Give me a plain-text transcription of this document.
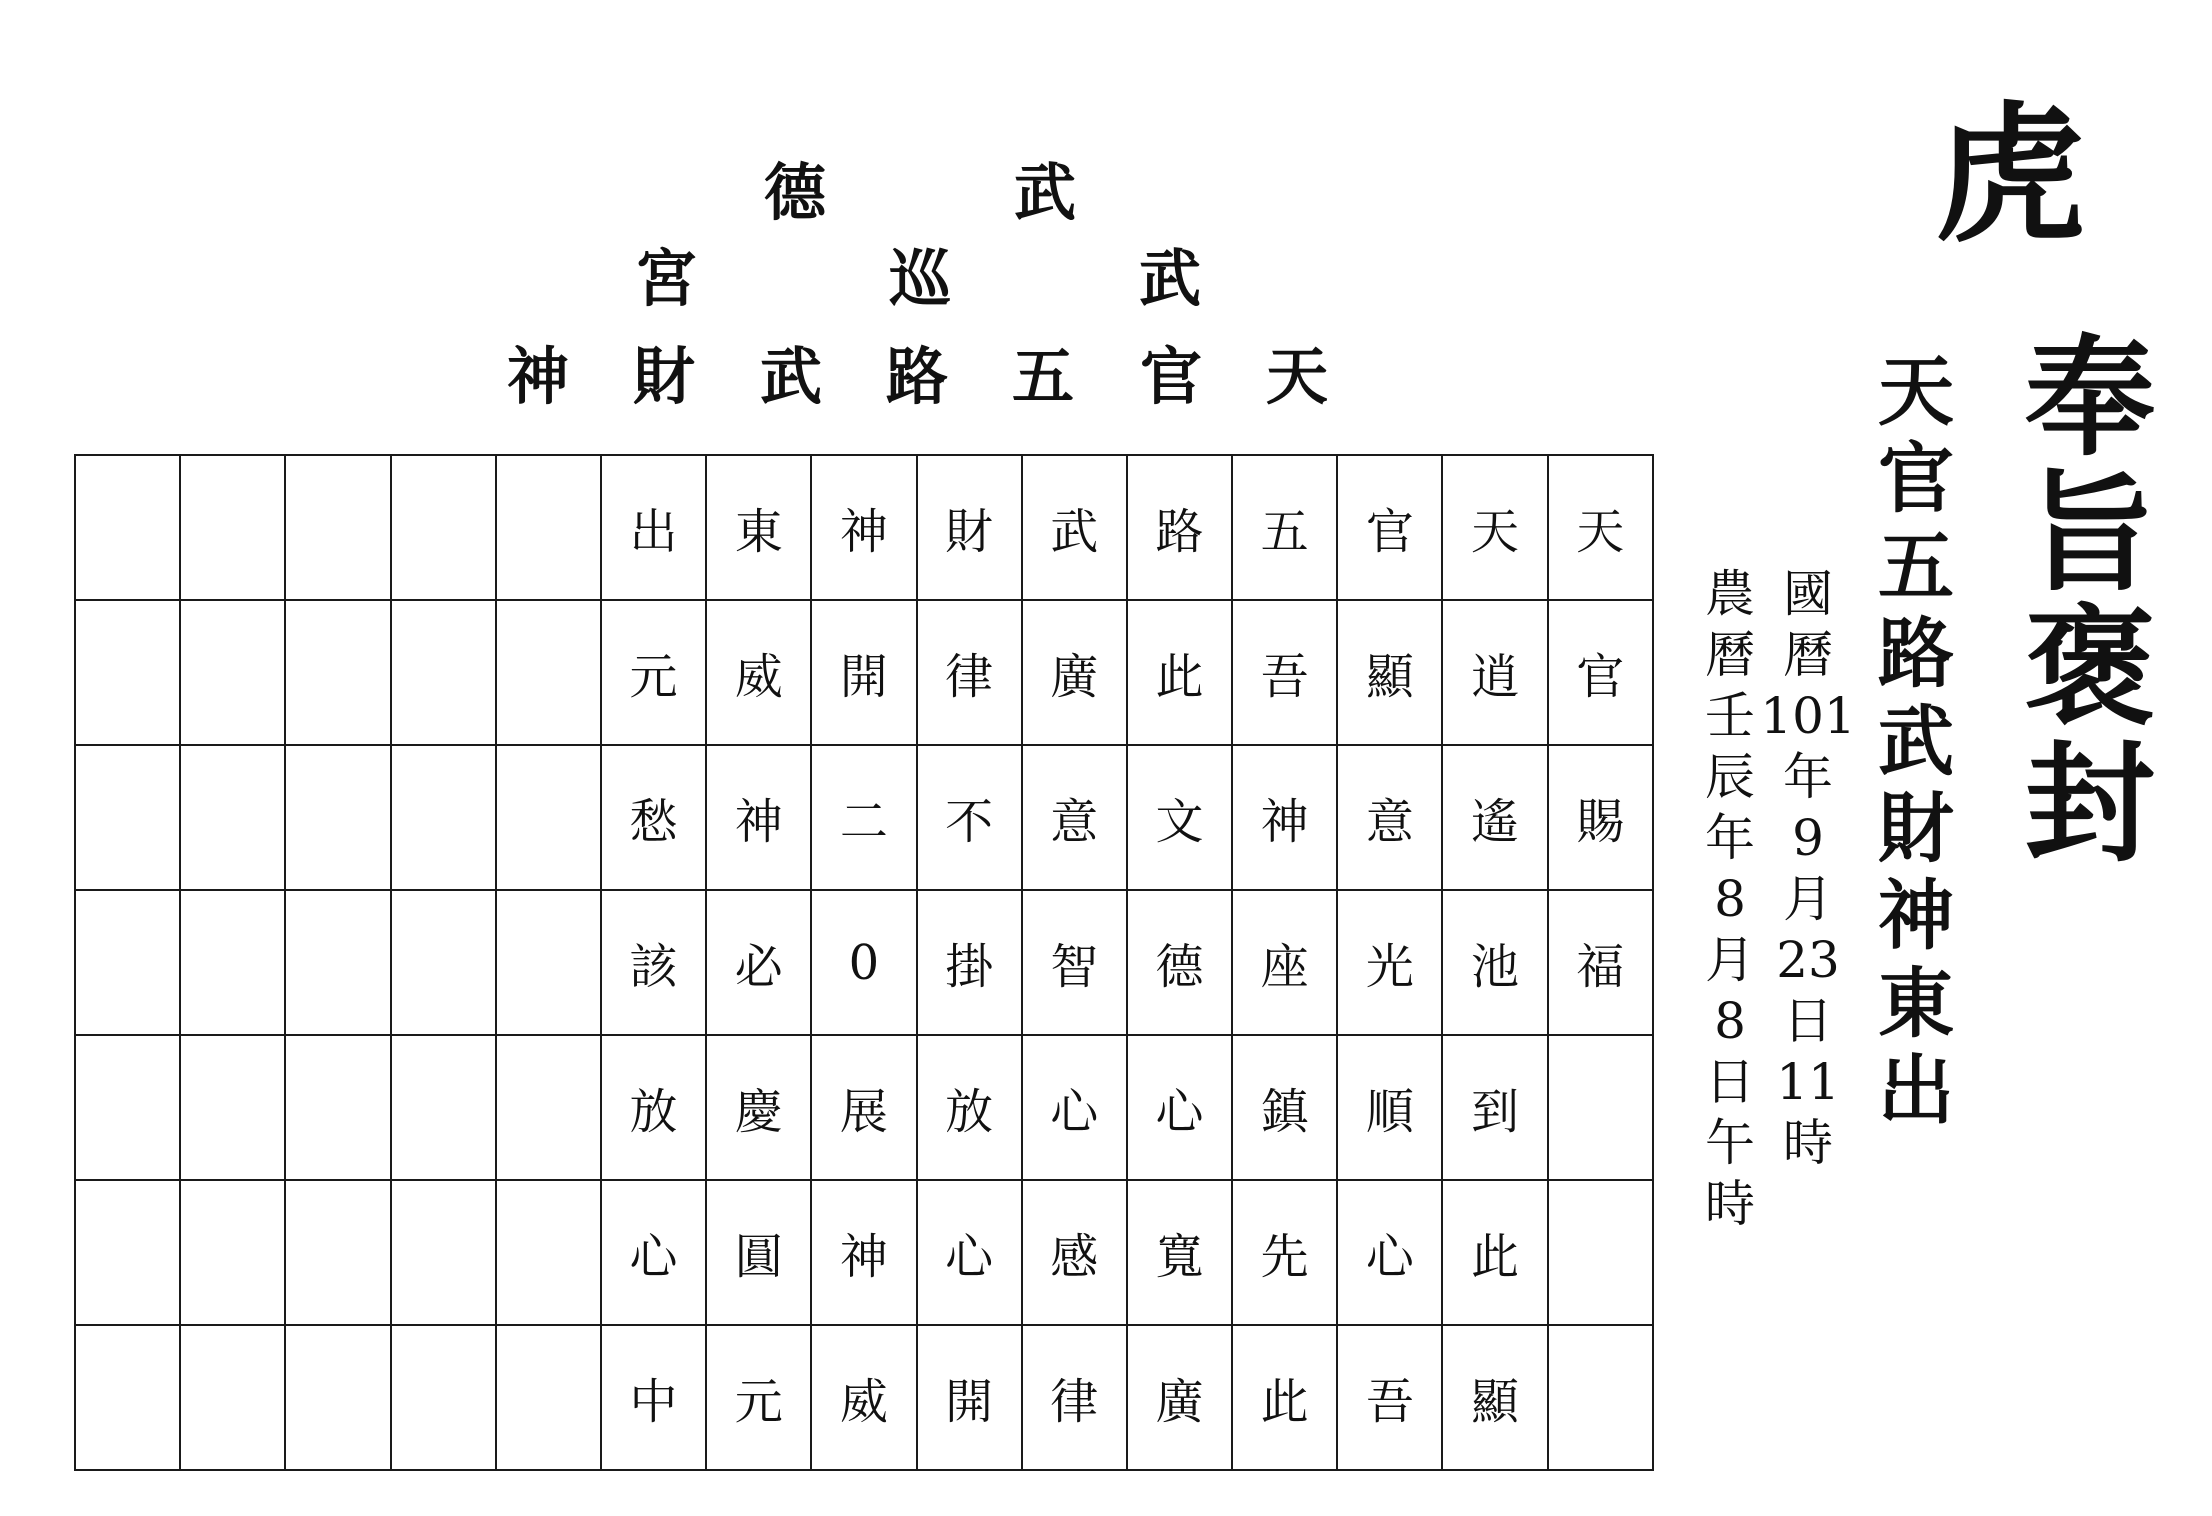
德	武
宮	巡	武
神 財 武 路 五 官 天
					出	東	神	財	武	路	五	官	天	天
					元	威	開	律	廣	此	吾	顯	逍	官
					愁	神	二	不	意	文	神	意	遙	賜
					該	必	0	掛	智	德	座	光	池	福
					放	慶	展	放	心	心	鎮	順	到	
					心	圓	神	心	感	寬	先	心	此	
					中	元	威	開	律	廣	此	吾	顯	
虎
奉
旨
褒
封
天
官
五
路
武
財
神
東
出
國
曆
101
年
9
月
23
日
11
時
農
曆
壬
辰
年
8
月
8
日
午
時
